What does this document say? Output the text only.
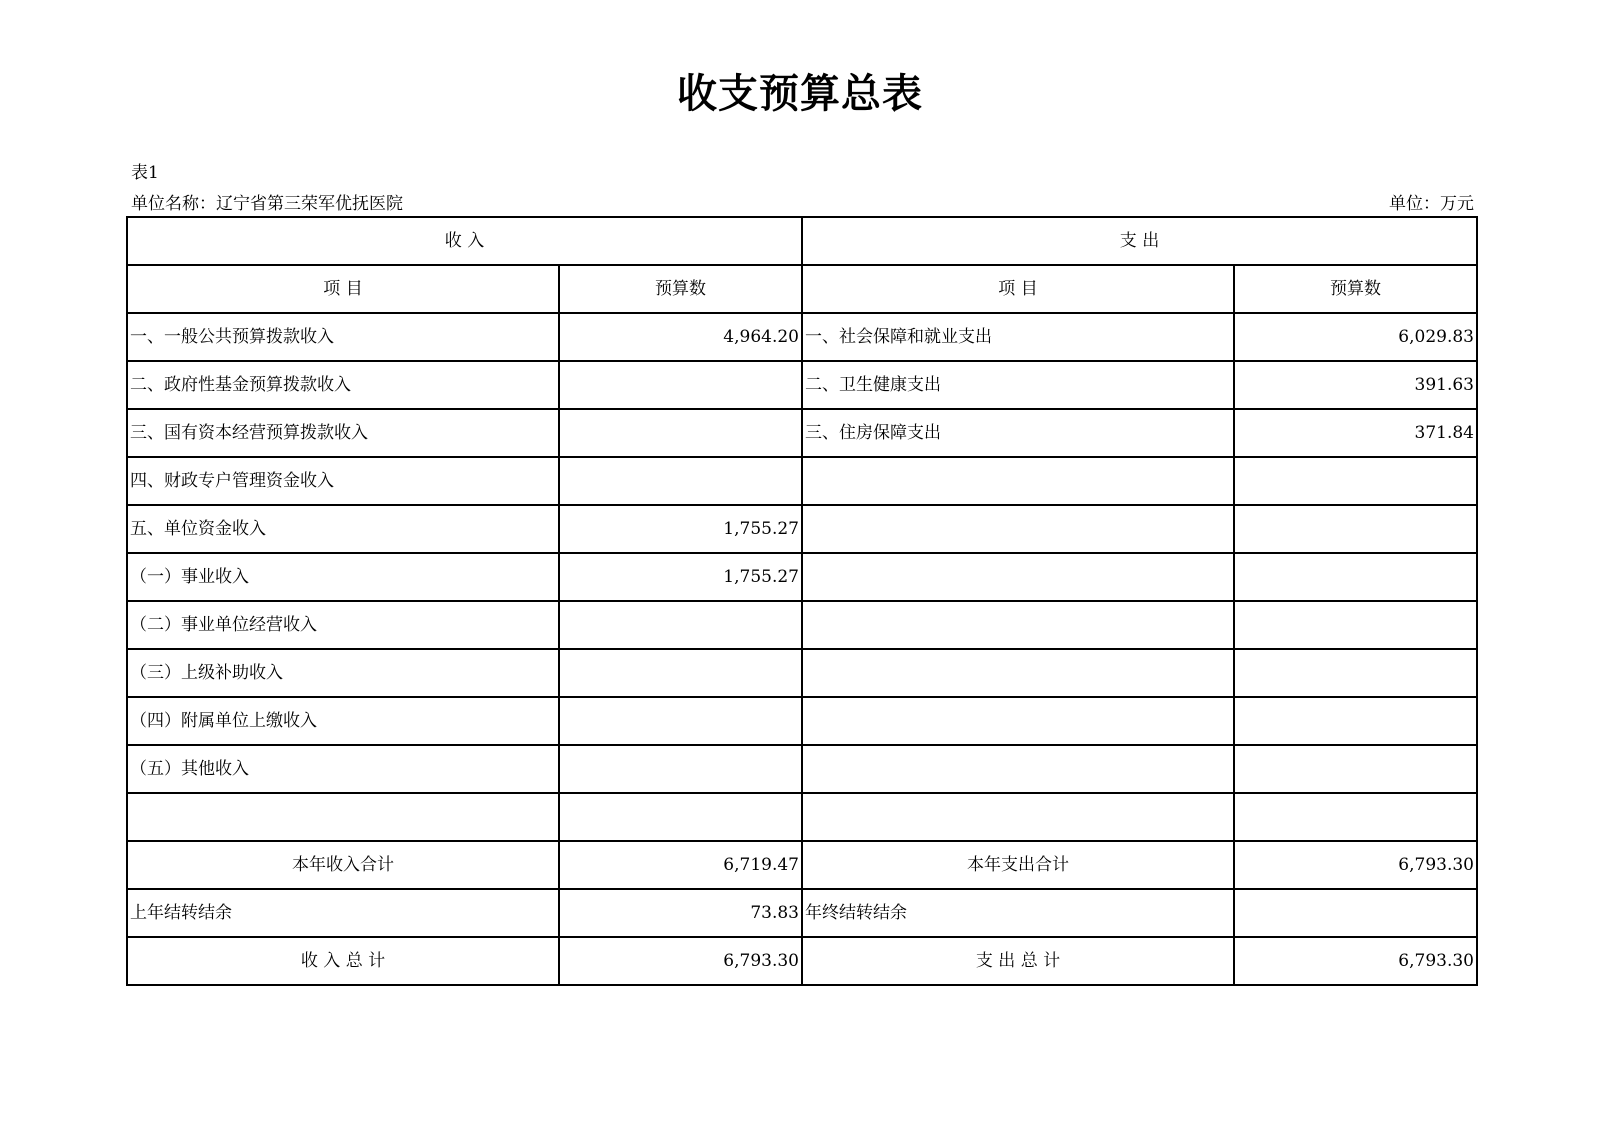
收支预算总表
表1
单位名称：辽宁省第三荣军优抚医院	单位：万元
收 入		支 出	
项 目	预算数	项 目	预算数
一、一般公共预算拨款收入	4,964.20	一、社会保障和就业支出	6,029.83
二、政府性基金预算拨款收入		二、卫生健康支出	391.63
三、国有资本经营预算拨款收入		三、住房保障支出	371.84
四、财政专户管理资金收入			
五、单位资金收入	1,755.27		
（一）事业收入	1,755.27		
（二）事业单位经营收入			
（三）上级补助收入			
（四）附属单位上缴收入			
（五）其他收入			

本年收入合计	6,719.47	本年支出合计	6,793.30
上年结转结余	73.83	年终结转结余	
收 入 总 计	6,793.30	支 出 总 计	6,793.30
